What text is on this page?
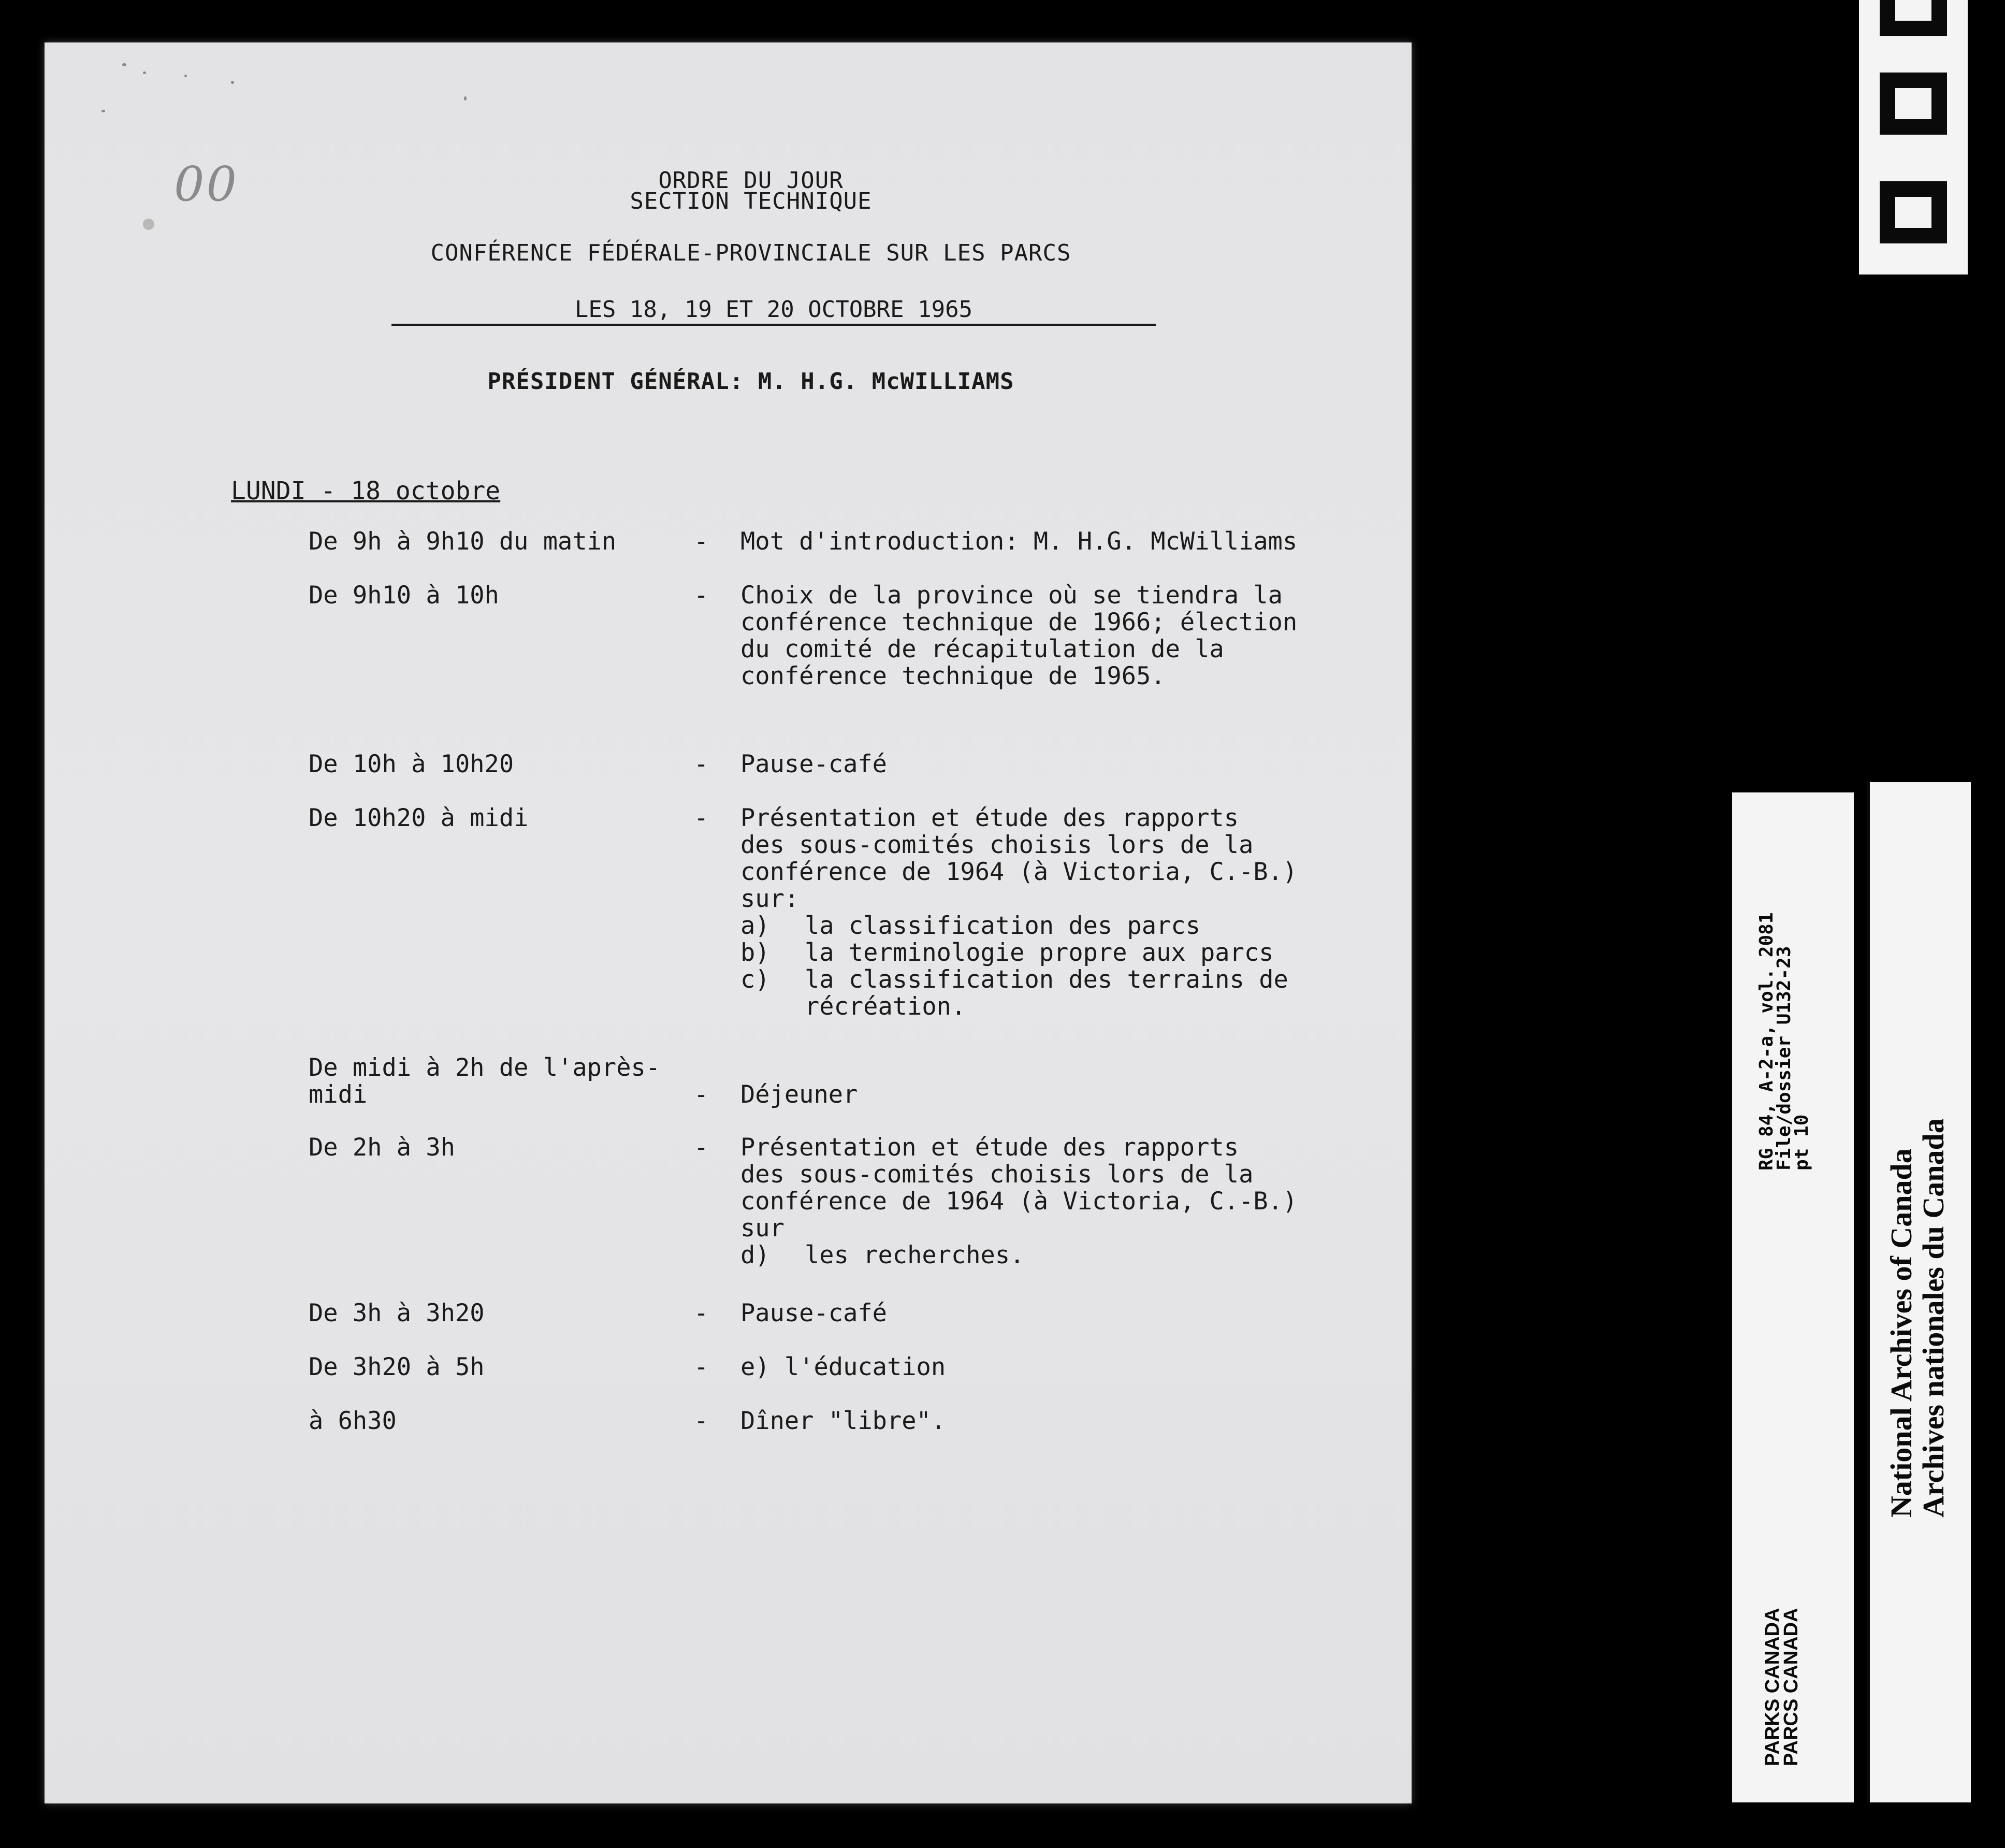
00	ORDRE DU JOUR
SECTION TECHNIQUE
CONFÉRENCE FÉDÉRALE-PROVINCIALE SUR LES PARCS
LES 18, 19 ET 20 OCTOBRE 1965
PRÉSIDENT GÉNÉRAL: M. H.G. McWILLIAMS
LUNDI - 18 octobre
De 9h à 9h10 du matin	- Mot d'introduction: M. H.G. McWilliams
De 9h10 à 10h	- Choix de la province où se tiendra la
conférence technique de 1966; élection
du comité de récapitulation de la
conférence technique de 1965.
De 10h à 10h20	- Pause-café
De 10h20 à midi	- Présentation et étude des rapports
des sous-comités choisis lors de la
conférence de 1964 (à Victoria, C.-B.)
sur:
a) la classification des parcs
b) la terminologie propre aux parcs
c) la classification des terrains de
récréation.
De midi à 2h de l'après-
midi	- Déjeuner
De 2h à 3h	- Présentation et étude des rapports
des sous-comités choisis lors de la
conférence de 1964 (à Victoria, C.-B.)
sur
d) les recherches.
De 3h à 3h20	- Pause-café
De 3h20 à 5h	- e) l'éducation
à 6h30	- Dîner "libre".
RG 84, A-2-a, vol. 2081
File/dossier U132-23
pt 10
PARKS CANADA
PARCS CANADA
National Archives of Canada
Archives nationales du Canada
